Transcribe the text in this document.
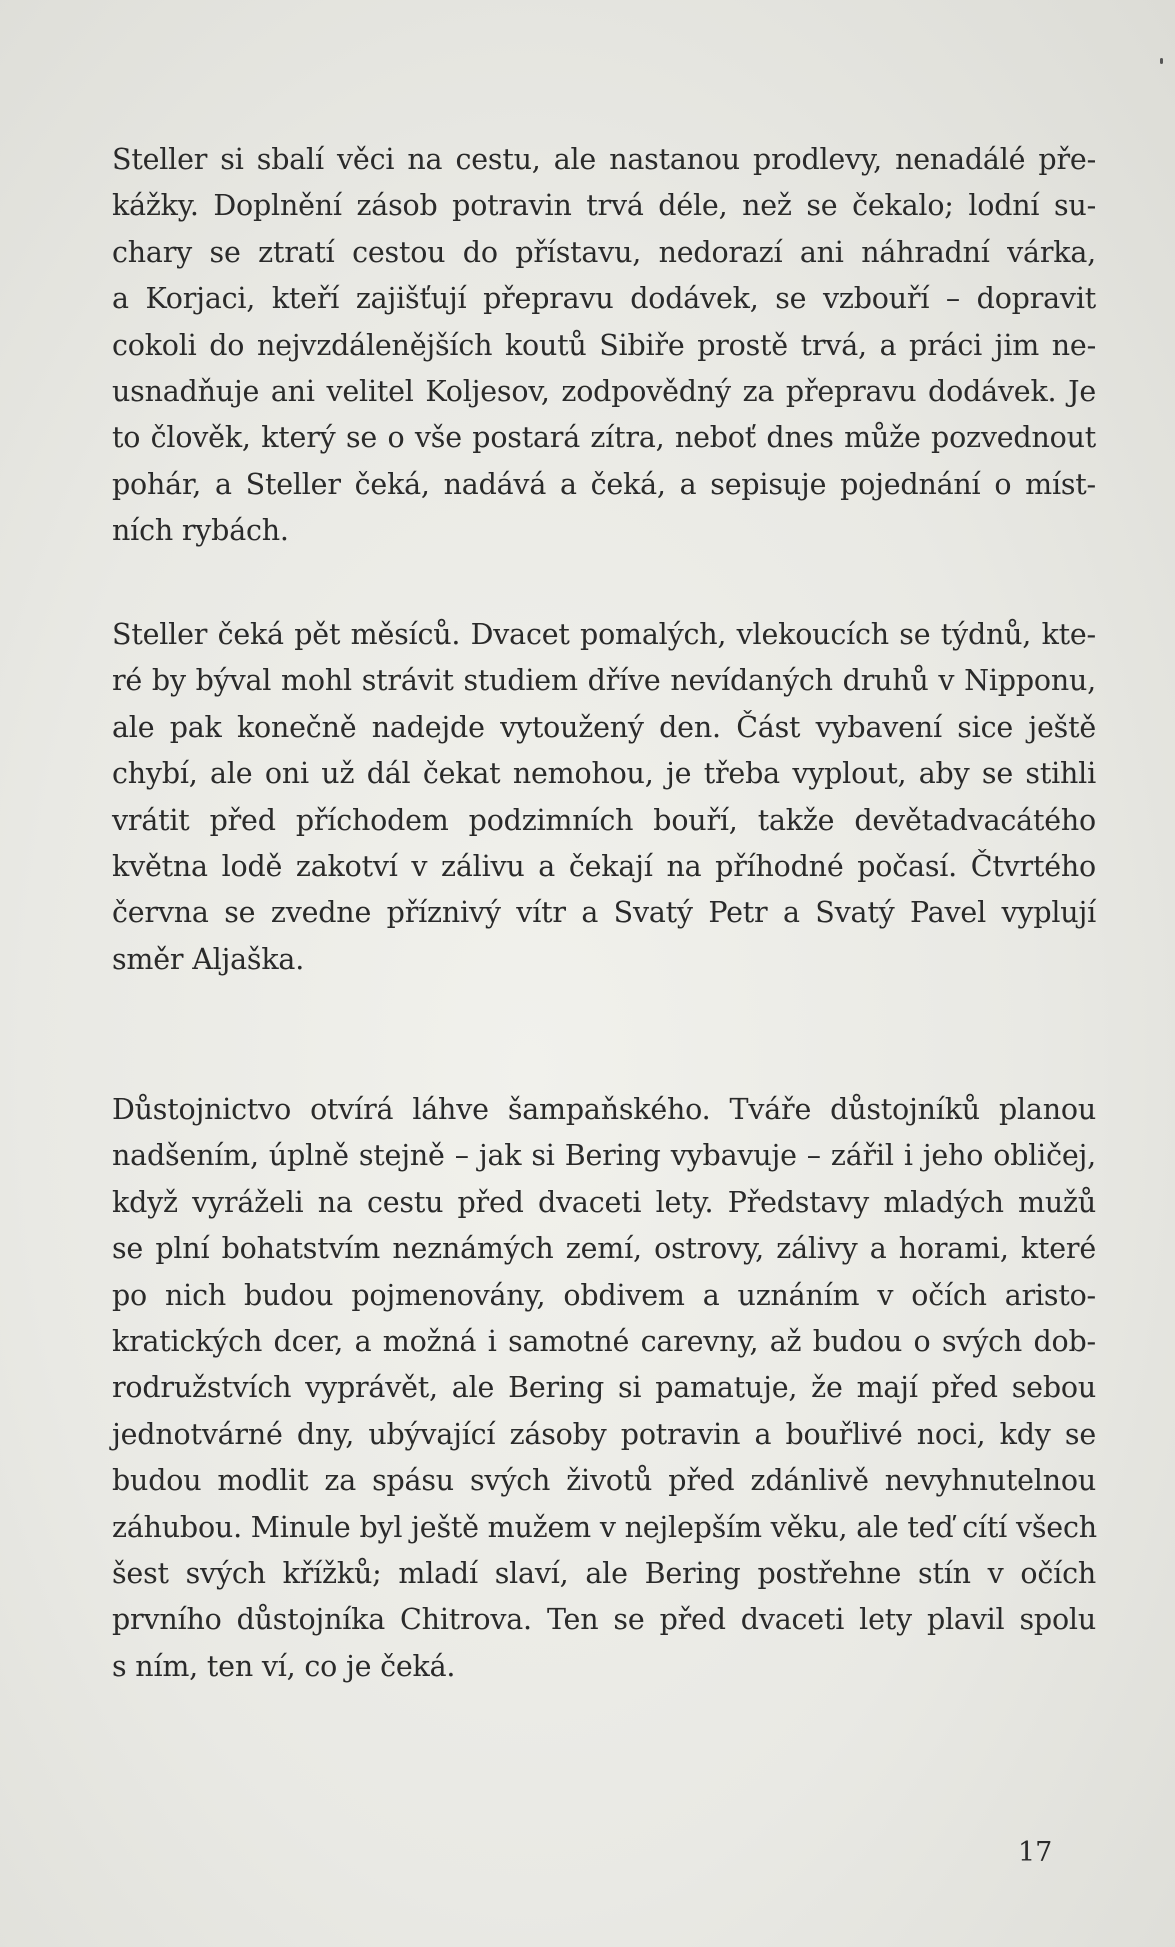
Steller si sbalí věci na cestu, ale nastanou prodlevy, nenadálé pře-
kážky. Doplnění zásob potravin trvá déle, než se čekalo; lodní su-
chary se ztratí cestou do přístavu, nedorazí ani náhradní várka,
a Korjaci, kteří zajišťují přepravu dodávek, se vzbouří – dopravit
cokoli do nejvzdálenějších koutů Sibiře prostě trvá, a práci jim ne-
usnadňuje ani velitel Koljesov, zodpovědný za přepravu dodávek. Je
to člověk, který se o vše postará zítra, neboť dnes může pozvednout
pohár, a Steller čeká, nadává a čeká, a sepisuje pojednání o míst-
ních rybách.
Steller čeká pět měsíců. Dvacet pomalých, vlekoucích se týdnů, kte-
ré by býval mohl strávit studiem dříve nevídaných druhů v Nipponu,
ale pak konečně nadejde vytoužený den. Část vybavení sice ještě
chybí, ale oni už dál čekat nemohou, je třeba vyplout, aby se stihli
vrátit před příchodem podzimních bouří, takže devětadvacátého
května lodě zakotví v zálivu a čekají na příhodné počasí. Čtvrtého
června se zvedne příznivý vítr a Svatý Petr a Svatý Pavel vyplují
směr Aljaška.
Důstojnictvo otvírá láhve šampaňského. Tváře důstojníků planou
nadšením, úplně stejně – jak si Bering vybavuje – zářil i jeho obličej,
když vyráželi na cestu před dvaceti lety. Představy mladých mužů
se plní bohatstvím neznámých zemí, ostrovy, zálivy a horami, které
po nich budou pojmenovány, obdivem a uznáním v očích aristo-
kratických dcer, a možná i samotné carevny, až budou o svých dob-
rodružstvích vyprávět, ale Bering si pamatuje, že mají před sebou
jednotvárné dny, ubývající zásoby potravin a bouřlivé noci, kdy se
budou modlit za spásu svých životů před zdánlivě nevyhnutelnou
záhubou. Minule byl ještě mužem v nejlepším věku, ale teď cítí všech
šest svých křížků; mladí slaví, ale Bering postřehne stín v očích
prvního důstojníka Chitrova. Ten se před dvaceti lety plavil spolu
s ním, ten ví, co je čeká.
17
